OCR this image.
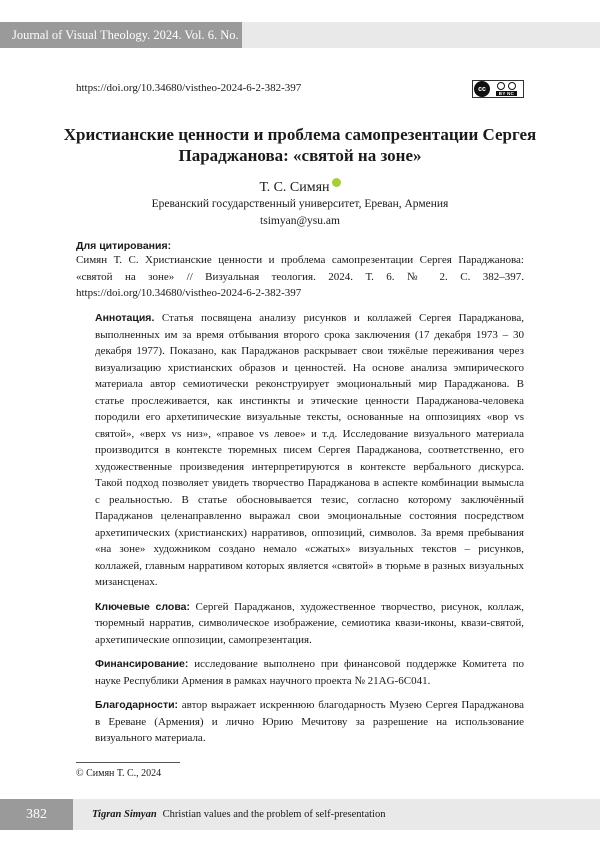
Journal of Visual Theology. 2024. Vol. 6. No. 2
https://doi.org/10.34680/vistheo-2024-6-2-382-397	cc
BY NC
Христианские ценности и проблема самопрезентации Сергея Параджанова: «святой на зоне»
Т. С. Симян
Ереванский государственный университет, Ереван, Армения
tsimyan@ysu.am
Для цитирования:
Симян Т. С. Христианские ценности и проблема самопрезентации Сергея Параджанова: «святой на зоне» // Визуальная теология. 2024. Т. 6. № 2. С. 382–397. https://doi.org/10.34680/vistheo-2024-6-2-382-397

Аннотация. Статья посвящена анализу рисунков и коллажей Сергея Параджанова, выполненных им за время отбывания второго срока заключения (17 декабря 1973 – 30 декабря 1977). Показано, как Параджанов раскрывает свои тяжёлые переживания через визуализацию христианских образов и ценностей. На основе анализа эмпирического материала автор семиотически реконструирует эмоциональный мир Параджанова. В статье прослеживается, как инстинкты и этические ценности Параджанова-человека породили его архетипические визуальные тексты, основанные на оппозициях «вор vs святой», «верх vs низ», «правое vs левое» и т.д. Исследование визуального материала производится в контексте тюремных писем Сергея Параджанова, соответственно, его художественные произведения интерпретируются в контексте вербального дискурса. Такой подход позволяет увидеть творчество Параджанова в аспекте комбинации вымысла с реальностью. В статье обосновывается тезис, согласно которому заключённый Параджанов целенаправленно выражал свои эмоциональные состояния посредством архетипических (христианских) нарративов, оппозиций, символов. За время пребывания «на зоне» художником создано немало «сжатых» визуальных текстов – рисунков, коллажей, главным нарративом которых является «святой» в тюрьме в разных визуальных мизансценах.

Ключевые слова: Сергей Параджанов, художественное творчество, рисунок, коллаж, тюремный нарратив, символическое изображение, семиотика квази-иконы, квази-святой, архетипические оппозиции, самопрезентация.

Финансирование: исследование выполнено при финансовой поддержке Комитета по науке Республики Армения в рамках научного проекта № 21AG-6C041.

Благодарности: автор выражает искреннюю благодарность Музею Сергея Параджанова в Ереване (Армения) и лично Юрию Мечитову за разрешение на использование визуального материала.

© Симян Т. С., 2024
382	Tigran Simyan Christian values and the problem of self-presentation
